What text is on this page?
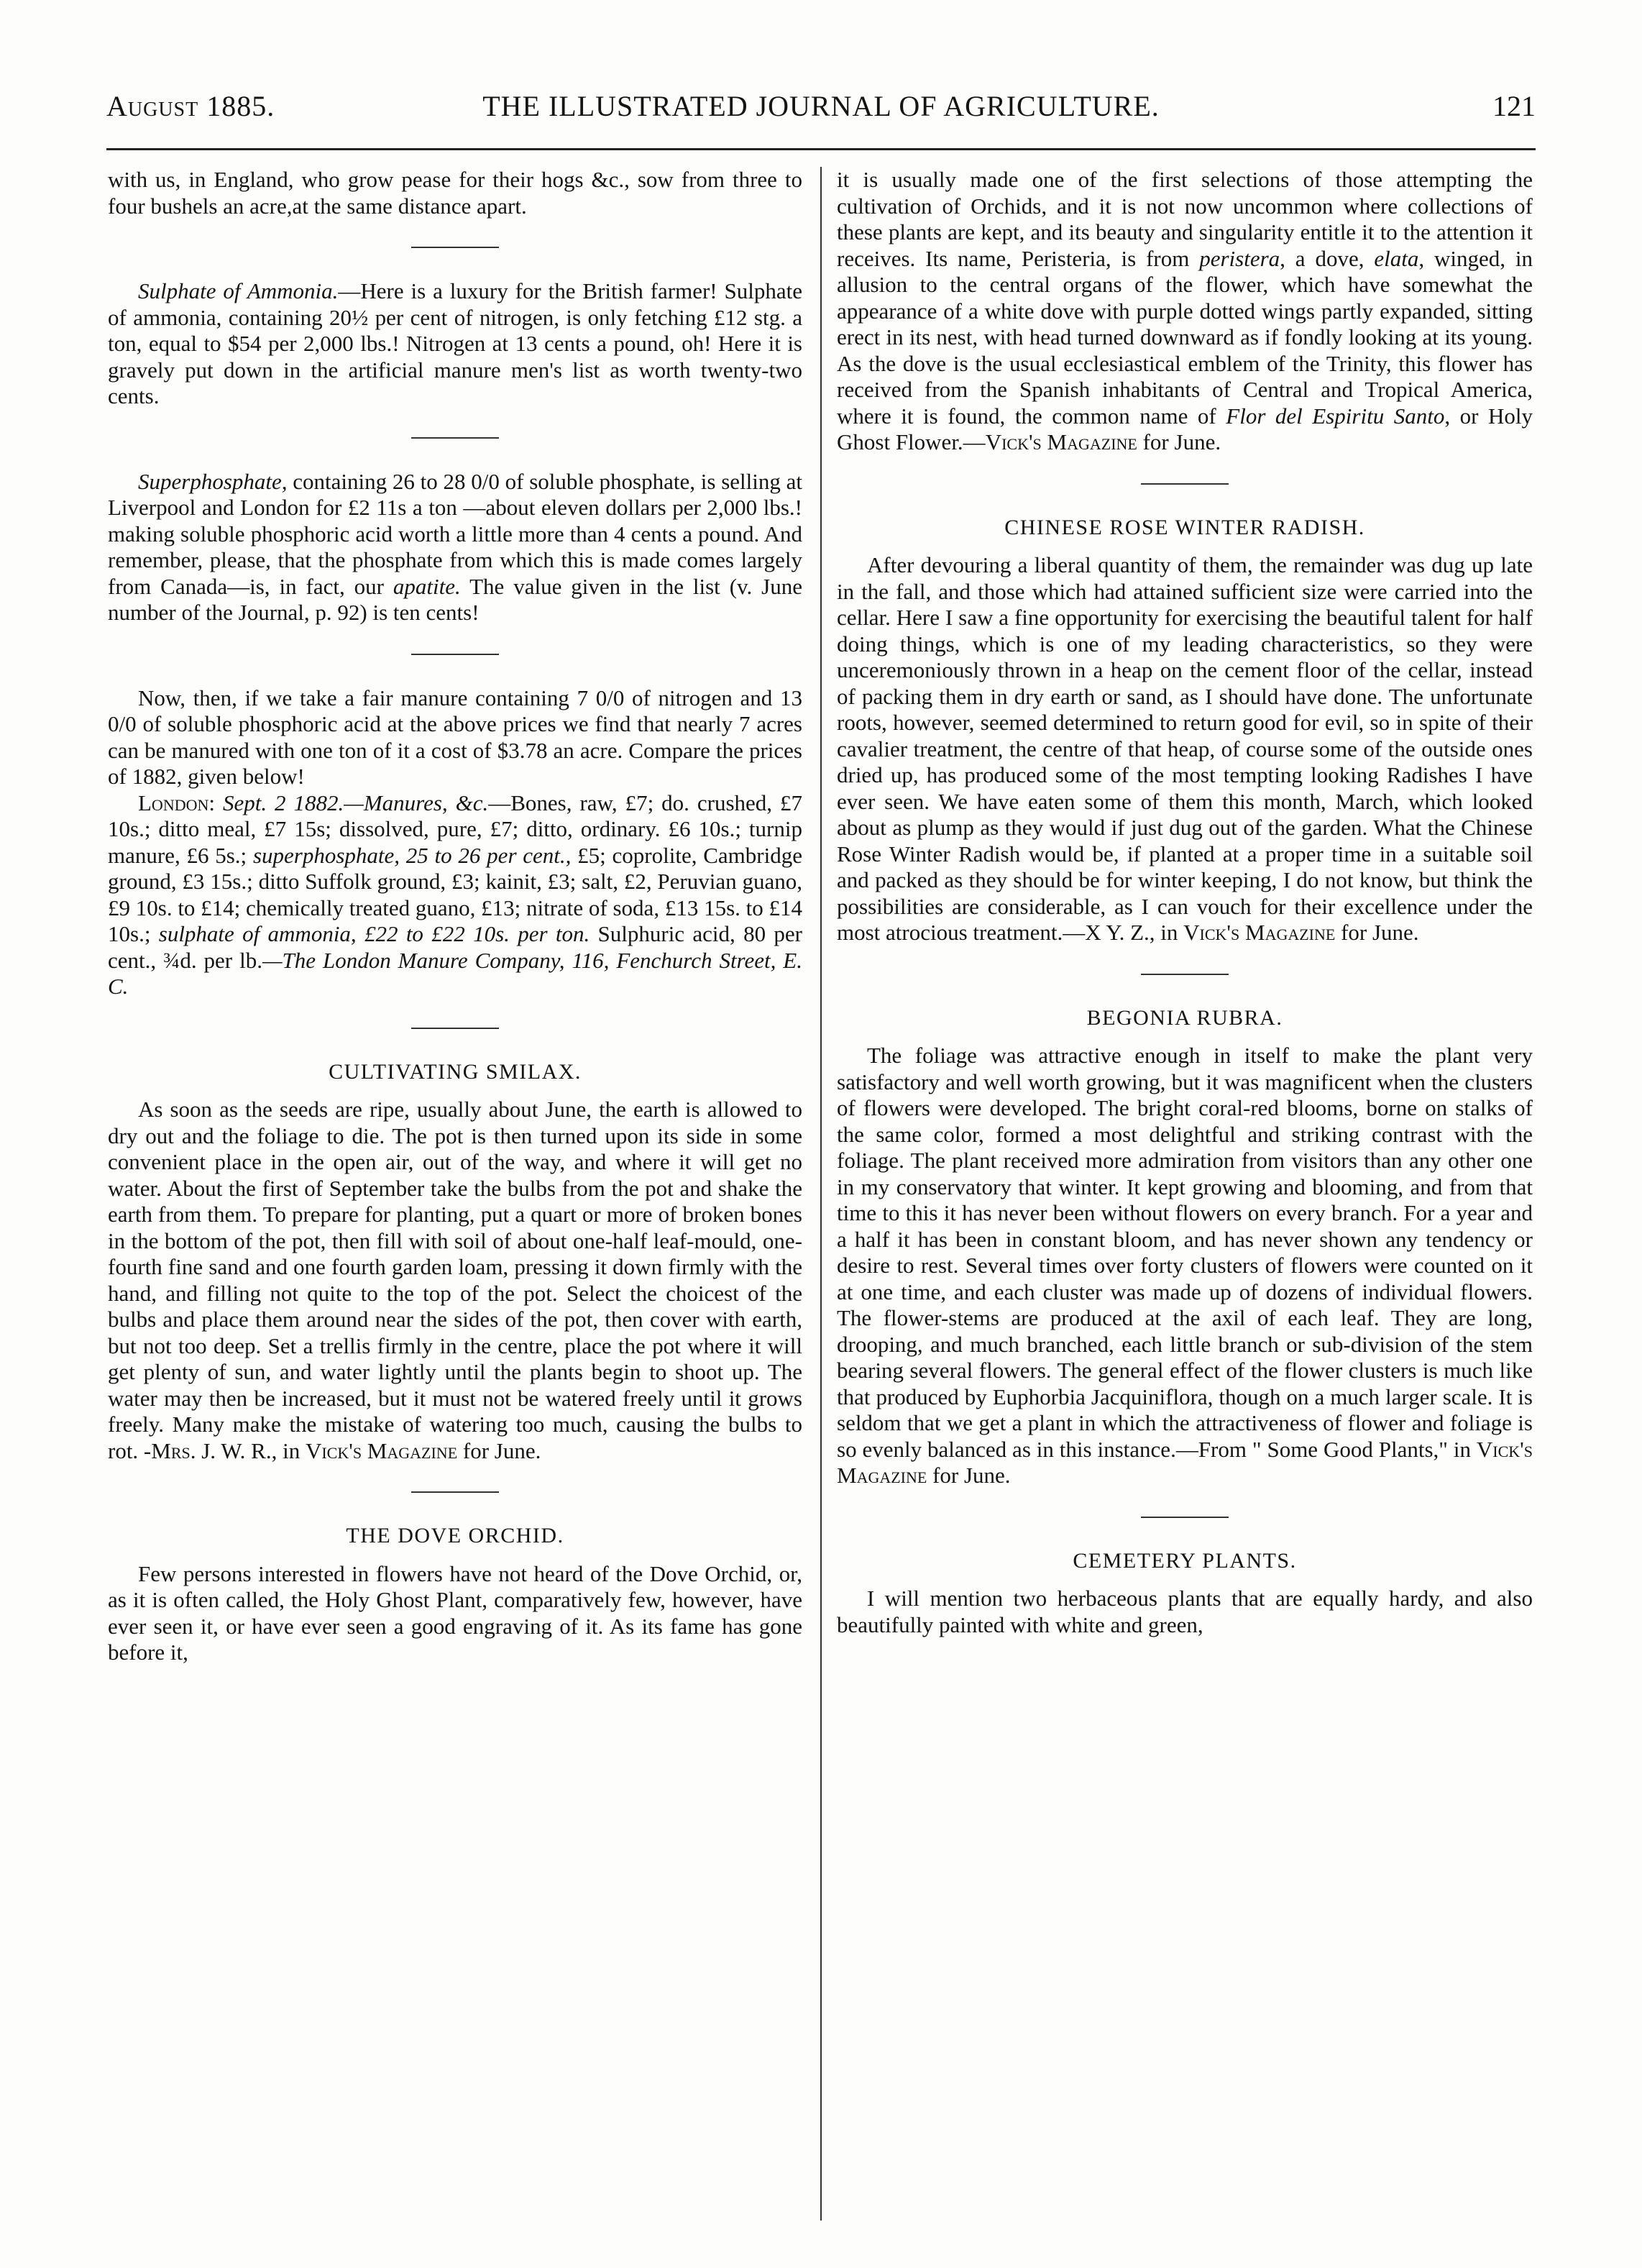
August 1885.	THE ILLUSTRATED JOURNAL OF AGRICULTURE.	121

with us, in England, who grow pease for their hogs &c., sow from three to four bushels an acre,at the same distance apart.

Sulphate of Ammonia.—Here is a luxury for the British farmer! Sulphate of ammonia, containing 20½ per cent of nitrogen, is only fetching £12 stg. a ton, equal to $54 per 2,000 lbs.! Nitrogen at 13 cents a pound, oh! Here it is gravely put down in the artificial manure men's list as worth twenty-two cents.

Superphosphate, containing 26 to 28 0/0 of soluble phosphate, is selling at Liverpool and London for £2 11s a ton —about eleven dollars per 2,000 lbs.! making soluble phosphoric acid worth a little more than 4 cents a pound. And remember, please, that the phosphate from which this is made comes largely from Canada—is, in fact, our apatite. The value given in the list (v. June number of the Journal, p. 92) is ten cents!

Now, then, if we take a fair manure containing 7 0/0 of nitrogen and 13 0/0 of soluble phosphoric acid at the above prices we find that nearly 7 acres can be manured with one ton of it a cost of $3.78 an acre. Compare the prices of 1882, given below!

London: Sept. 2 1882.—Manures, &c.—Bones, raw, £7; do. crushed, £7 10s.; ditto meal, £7 15s; dissolved, pure, £7; ditto, ordinary. £6 10s.; turnip manure, £6 5s.; superphosphate, 25 to 26 per cent., £5; coprolite, Cambridge ground, £3 15s.; ditto Suffolk ground, £3; kainit, £3; salt, £2, Peruvian guano, £9 10s. to £14; chemically treated guano, £13; nitrate of soda, £13 15s. to £14 10s.; sulphate of ammonia, £22 to £22 10s. per ton. Sulphuric acid, 80 per cent., ¾d. per lb.—The London Manure Company, 116, Fenchurch Street, E. C.

CULTIVATING SMILAX.

As soon as the seeds are ripe, usually about June, the earth is allowed to dry out and the foliage to die. The pot is then turned upon its side in some convenient place in the open air, out of the way, and where it will get no water. About the first of September take the bulbs from the pot and shake the earth from them. To prepare for planting, put a quart or more of broken bones in the bottom of the pot, then fill with soil of about one-half leaf-mould, one-fourth fine sand and one fourth garden loam, pressing it down firmly with the hand, and filling not quite to the top of the pot. Select the choicest of the bulbs and place them around near the sides of the pot, then cover with earth, but not too deep. Set a trellis firmly in the centre, place the pot where it will get plenty of sun, and water lightly until the plants begin to shoot up. The water may then be increased, but it must not be watered freely until it grows freely. Many make the mistake of watering too much, causing the bulbs to rot. -Mrs. J. W. R., in Vick's Magazine for June.

THE DOVE ORCHID.

Few persons interested in flowers have not heard of the Dove Orchid, or, as it is often called, the Holy Ghost Plant, comparatively few, however, have ever seen it, or have ever seen a good engraving of it. As its fame has gone before it,

it is usually made one of the first selections of those attempting the cultivation of Orchids, and it is not now uncommon where collections of these plants are kept, and its beauty and singularity entitle it to the attention it receives. Its name, Peristeria, is from peristera, a dove, elata, winged, in allusion to the central organs of the flower, which have somewhat the appearance of a white dove with purple dotted wings partly expanded, sitting erect in its nest, with head turned downward as if fondly looking at its young. As the dove is the usual ecclesiastical emblem of the Trinity, this flower has received from the Spanish inhabitants of Central and Tropical America, where it is found, the common name of Flor del Espiritu Santo, or Holy Ghost Flower.—Vick's Magazine for June.

CHINESE ROSE WINTER RADISH.

After devouring a liberal quantity of them, the remainder was dug up late in the fall, and those which had attained sufficient size were carried into the cellar. Here I saw a fine opportunity for exercising the beautiful talent for half doing things, which is one of my leading characteristics, so they were unceremoniously thrown in a heap on the cement floor of the cellar, instead of packing them in dry earth or sand, as I should have done. The unfortunate roots, however, seemed determined to return good for evil, so in spite of their cavalier treatment, the centre of that heap, of course some of the outside ones dried up, has produced some of the most tempting looking Radishes I have ever seen. We have eaten some of them this month, March, which looked about as plump as they would if just dug out of the garden. What the Chinese Rose Winter Radish would be, if planted at a proper time in a suitable soil and packed as they should be for winter keeping, I do not know, but think the possibilities are considerable, as I can vouch for their excellence under the most atrocious treatment.—X Y. Z., in Vick's Magazine for June.

BEGONIA RUBRA.

The foliage was attractive enough in itself to make the plant very satisfactory and well worth growing, but it was magnificent when the clusters of flowers were developed. The bright coral-red blooms, borne on stalks of the same color, formed a most delightful and striking contrast with the foliage. The plant received more admiration from visitors than any other one in my conservatory that winter. It kept growing and blooming, and from that time to this it has never been without flowers on every branch. For a year and a half it has been in constant bloom, and has never shown any tendency or desire to rest. Several times over forty clusters of flowers were counted on it at one time, and each cluster was made up of dozens of individual flowers. The flower-stems are produced at the axil of each leaf. They are long, drooping, and much branched, each little branch or sub-division of the stem bearing several flowers. The general effect of the flower clusters is much like that produced by Euphorbia Jacquiniflora, though on a much larger scale. It is seldom that we get a plant in which the attractiveness of flower and foliage is so evenly balanced as in this instance.—From " Some Good Plants," in Vick's Magazine for June.

CEMETERY PLANTS.

I will mention two herbaceous plants that are equally hardy, and also beautifully painted with white and green,
